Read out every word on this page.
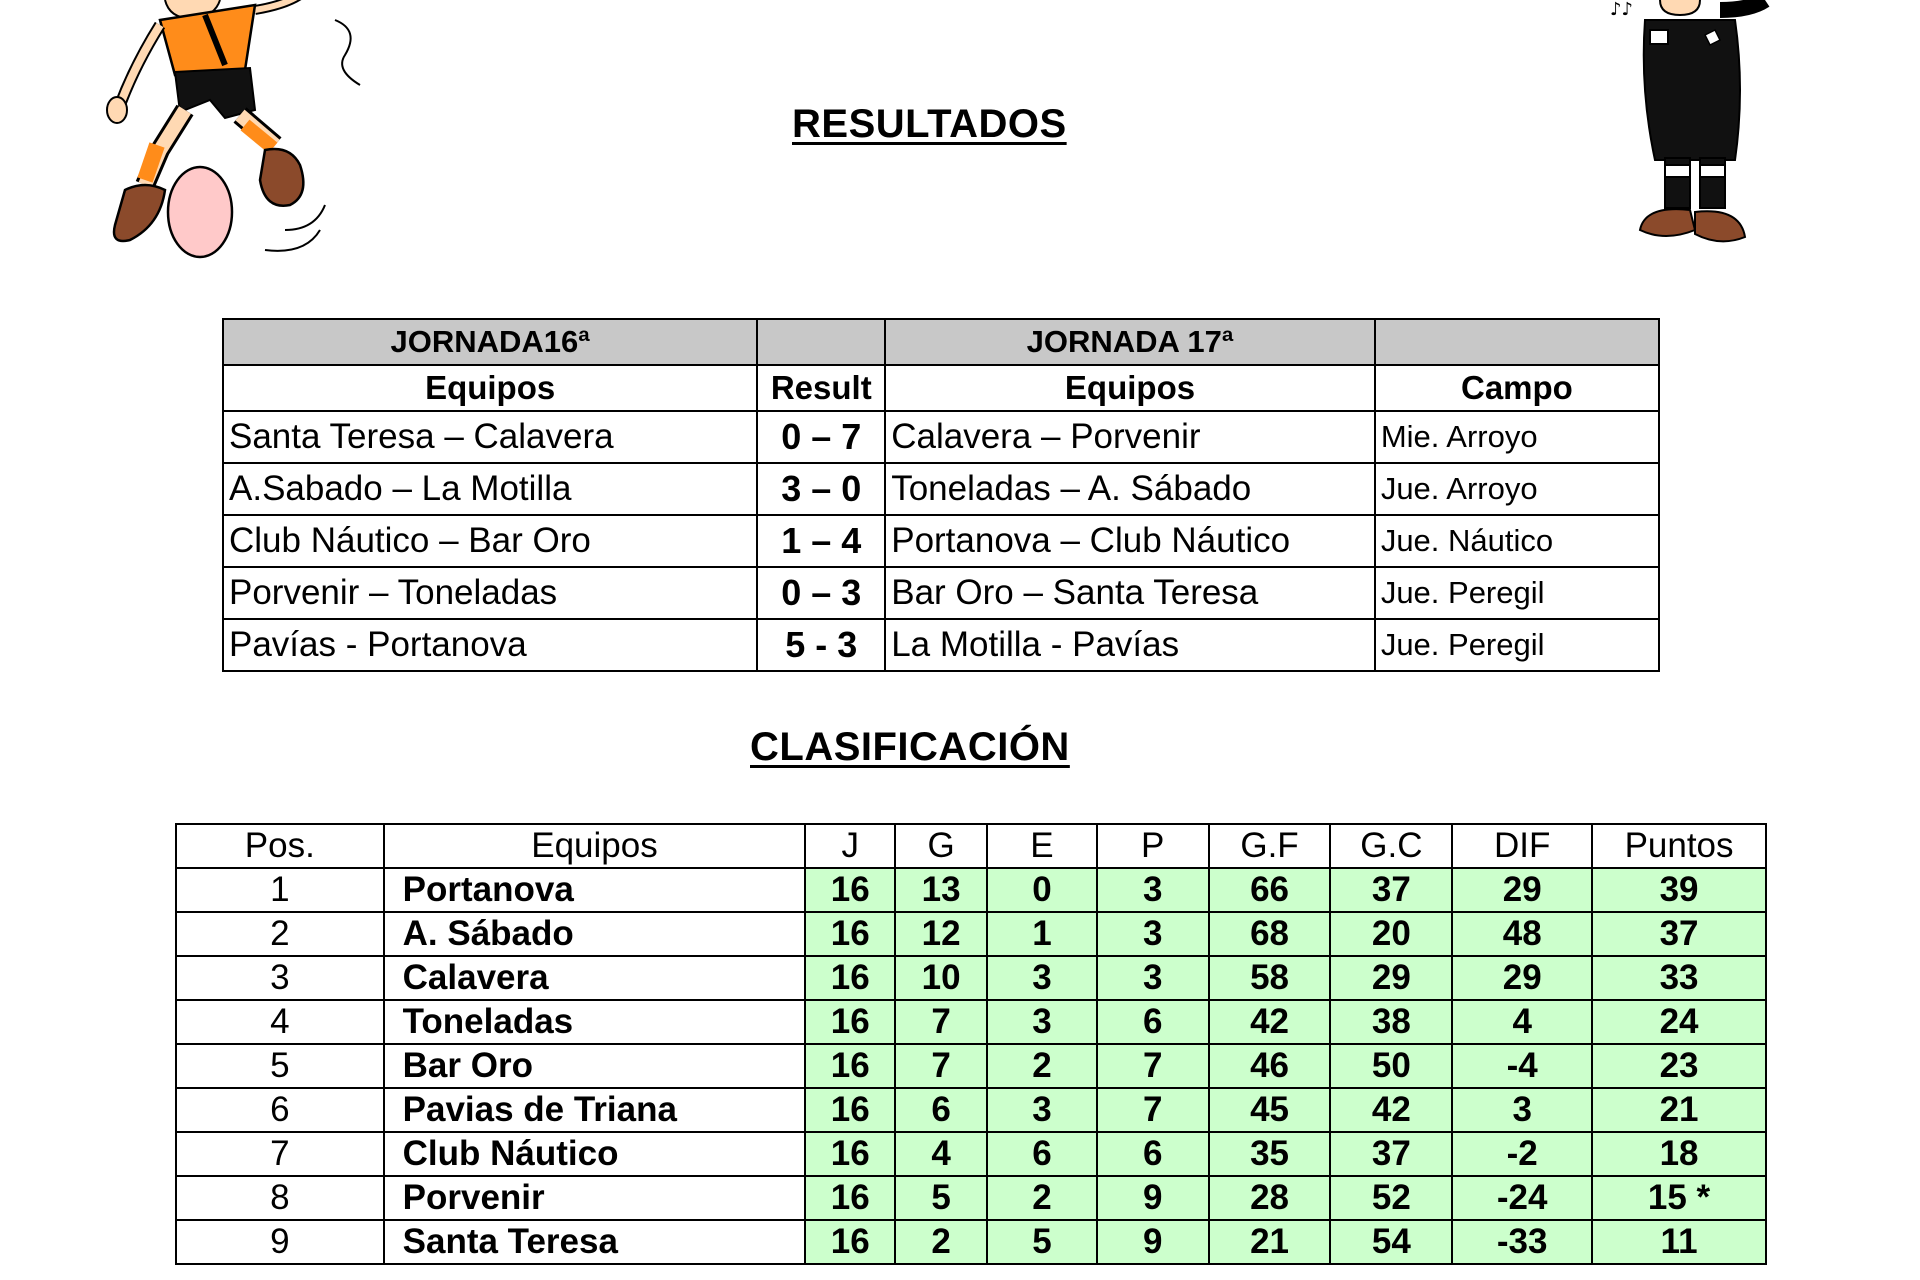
♪♪
RESULTADOS
JORNADA16ª		JORNADA 17ª	
Equipos	Result	Equipos	Campo
Santa Teresa – Calavera	0 – 7	Calavera – Porvenir	Mie. Arroyo
A.Sabado – La Motilla	3 – 0	Toneladas – A. Sábado	Jue. Arroyo
Club Náutico – Bar Oro	1 – 4	Portanova – Club Náutico	Jue. Náutico
Porvenir – Toneladas	0 – 3	Bar Oro – Santa Teresa	Jue. Peregil
Pavías - Portanova	5 - 3	La Motilla - Pavías	Jue. Peregil
CLASIFICACIÓN
Pos.	Equipos	J	G	E	P	G.F	G.C	DIF	Puntos
1	Portanova	16	13	0	3	66	37	29	39
2	A. Sábado	16	12	1	3	68	20	48	37
3	Calavera	16	10	3	3	58	29	29	33
4	Toneladas	16	7	3	6	42	38	4	24
5	Bar Oro	16	7	2	7	46	50	-4	23
6	Pavias de Triana	16	6	3	7	45	42	3	21
7	Club Náutico	16	4	6	6	35	37	-2	18
8	Porvenir	16	5	2	9	28	52	-24	15 *
9	Santa Teresa	16	2	5	9	21	54	-33	11
